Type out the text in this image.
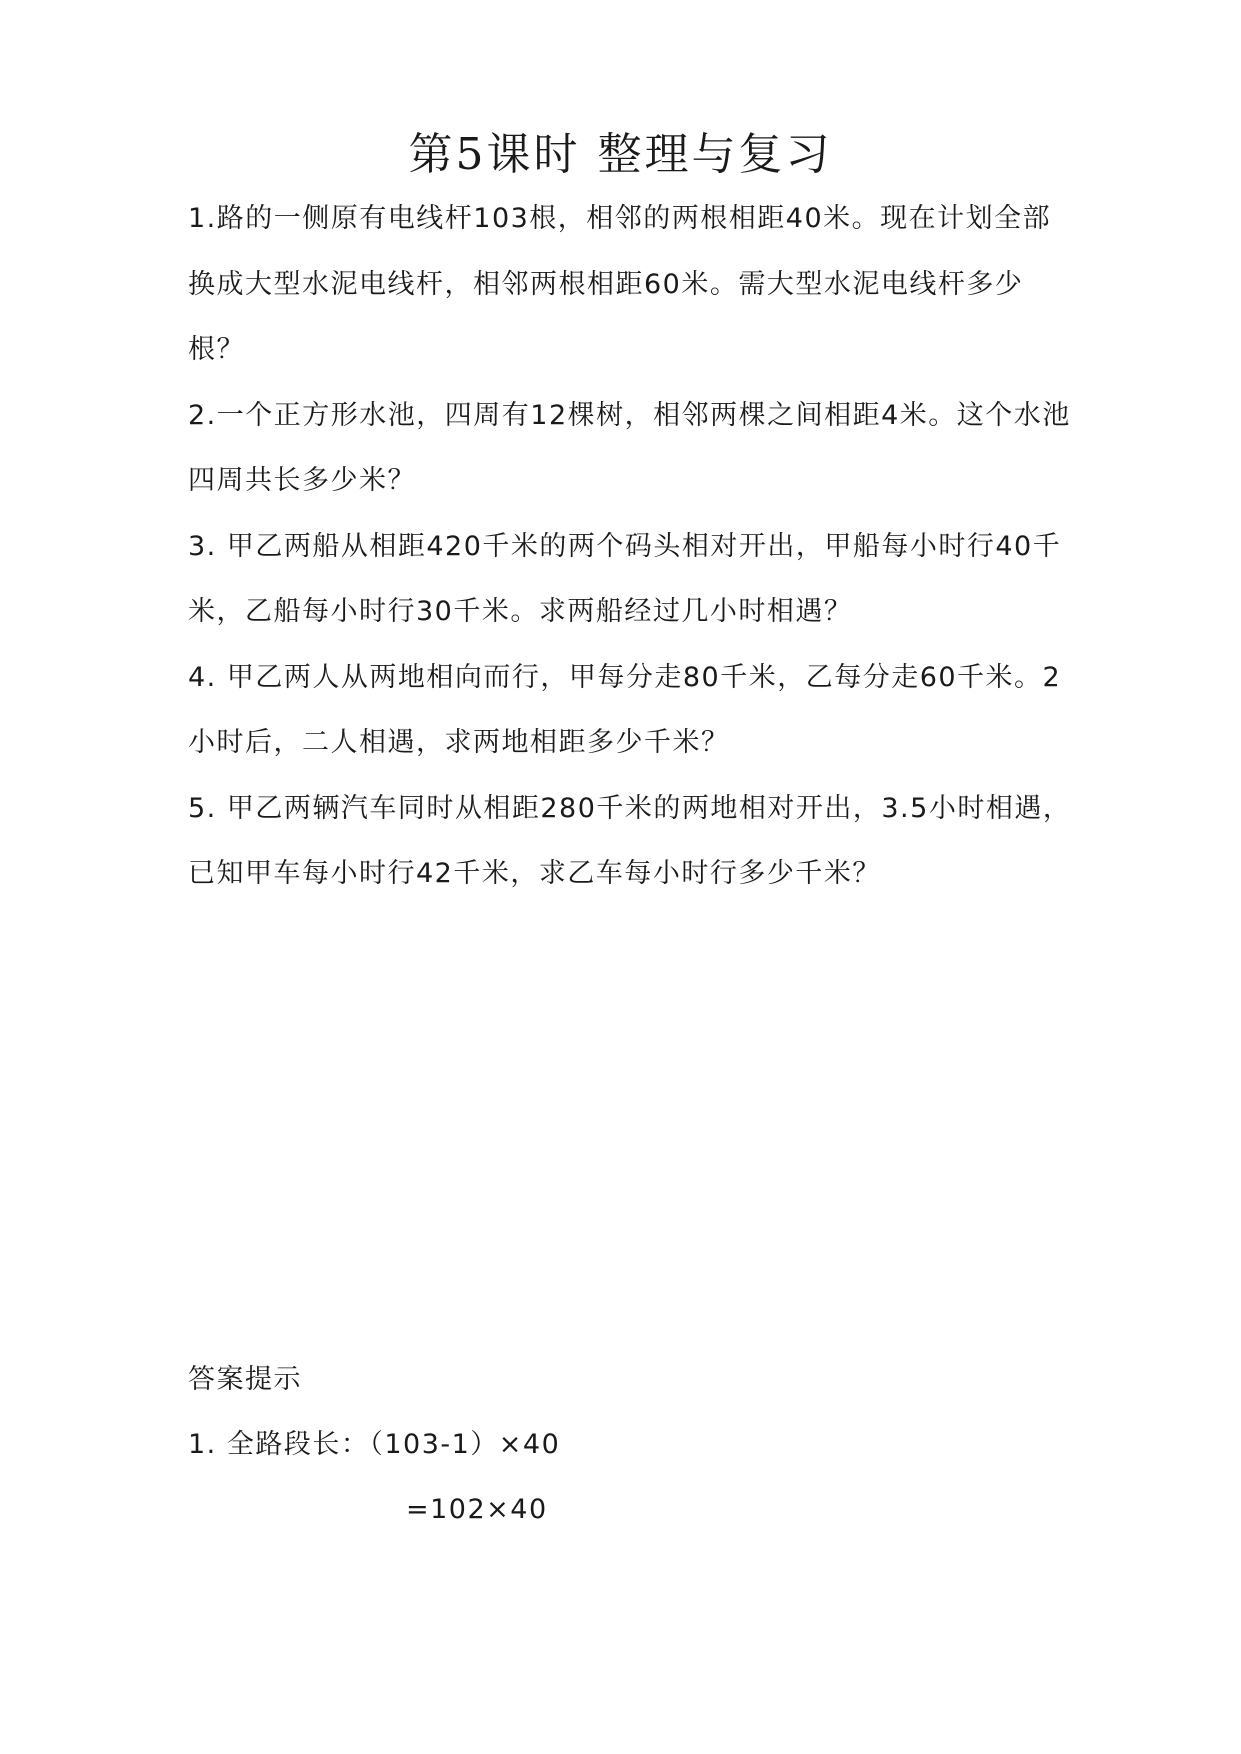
第5课时 整理与复习

1.路的一侧原有电线杆103根，相邻的两根相距40米。现在计划全部换成大型水泥电线杆，相邻两根相距60米。需大型水泥电线杆多少根？

2.一个正方形水池，四周有12棵树，相邻两棵之间相距4米。这个水池四周共长多少米？

3. 甲乙两船从相距420千米的两个码头相对开出，甲船每小时行40千米，乙船每小时行30千米。求两船经过几小时相遇？

4. 甲乙两人从两地相向而行，甲每分走80千米，乙每分走60千米。2小时后，二人相遇，求两地相距多少千米？

5. 甲乙两辆汽车同时从相距280千米的两地相对开出，3.5小时相遇，已知甲车每小时行42千米，求乙车每小时行多少千米？

答案提示

1. 全路段长：（103-1）×40

=102×40
